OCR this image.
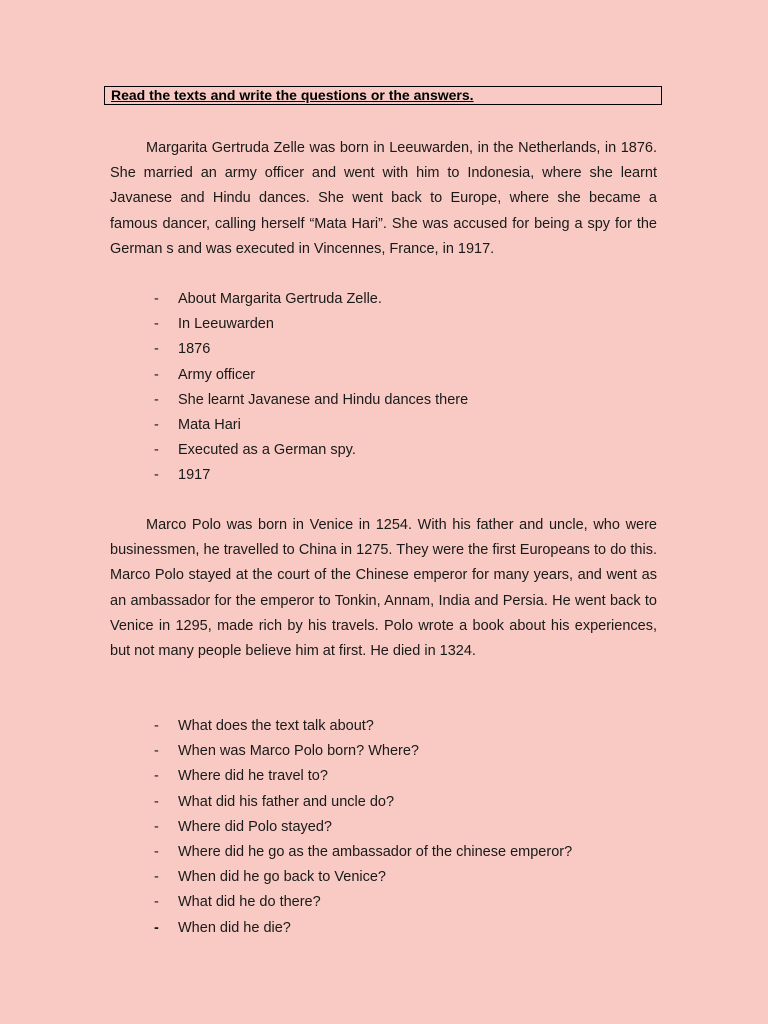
Read the texts and write the questions or the answers.

Margarita Gertruda Zelle was born in Leeuwarden, in the Netherlands, in 1876. She married an army officer and went with him to Indonesia, where she learnt Javanese and Hindu dances. She went back to Europe, where she became a famous dancer, calling herself “Mata Hari”. She was accused for being a spy for the German s and was executed in Vincennes, France, in 1917.

- About Margarita Gertruda Zelle.
- In Leeuwarden
- 1876
- Army officer
- She learnt Javanese and Hindu dances there
- Mata Hari
- Executed as a German spy.
- 1917

Marco Polo was born in Venice in 1254. With his father and uncle, who were businessmen, he travelled to China in 1275. They were the first Europeans to do this. Marco Polo stayed at the court of the Chinese emperor for many years, and went as an ambassador for the emperor to Tonkin, Annam, India and Persia. He went back to Venice in 1295, made rich by his travels. Polo wrote a book about his experiences, but not many people believe him at first. He died in 1324.

- What does the text talk about?
- When was Marco Polo born? Where?
- Where did he travel to?
- What did his father and uncle do?
- Where did Polo stayed?
- Where did he go as the ambassador of the chinese emperor?
- When did he go back to Venice?
- What did he do there?
- When did he die?
